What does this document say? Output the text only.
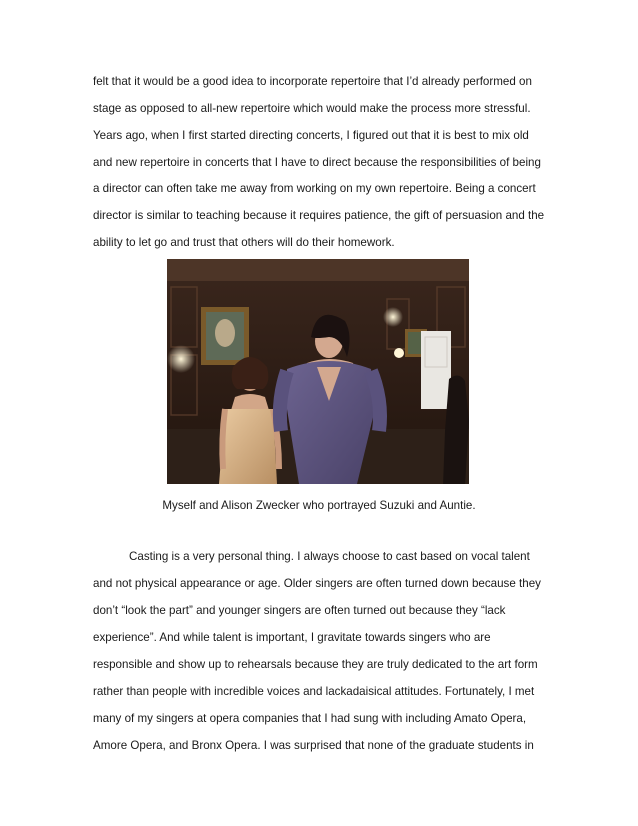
felt that it would be a good idea to incorporate repertoire that I’d already performed on
stage as opposed to all-new repertoire which would make the process more stressful.
Years ago, when I first started directing concerts, I figured out that it is best to mix old
and new repertoire in concerts that I have to direct because the responsibilities of being
a director can often take me away from working on my own repertoire. Being a concert
director is similar to teaching because it requires patience, the gift of persuasion and the
ability to let go and trust that others will do their homework.
Myself and Alison Zwecker who portrayed Suzuki and Auntie.
Casting is a very personal thing. I always choose to cast based on vocal talent
and not physical appearance or age. Older singers are often turned down because they
don’t “look the part” and younger singers are often turned out because they “lack
experience”. And while talent is important, I gravitate towards singers who are
responsible and show up to rehearsals because they are truly dedicated to the art form
rather than people with incredible voices and lackadaisical attitudes. Fortunately, I met
many of my singers at opera companies that I had sung with including Amato Opera,
Amore Opera, and Bronx Opera. I was surprised that none of the graduate students in
